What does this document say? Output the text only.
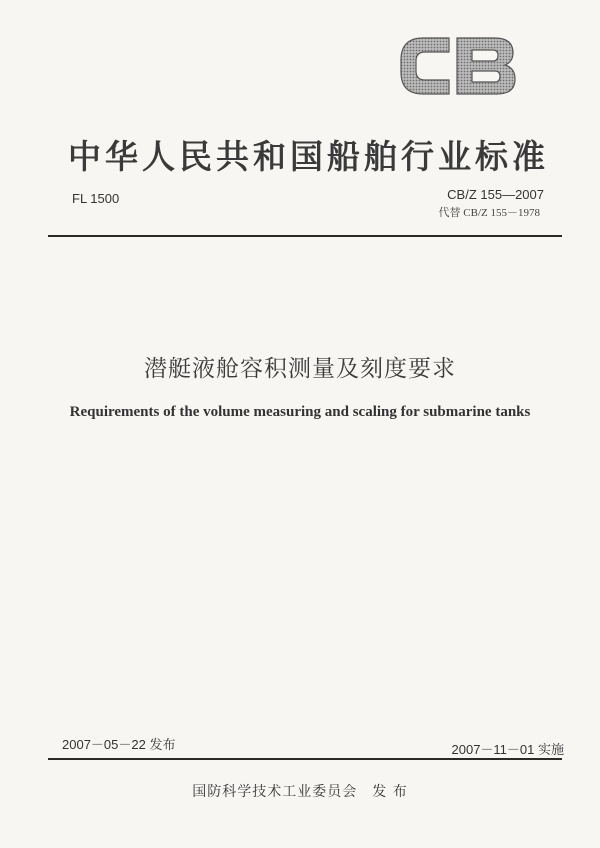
中华人民共和国船舶行业标准
FL 1500	CB/Z 155—2007
代替 CB/Z 155－1978
潜艇液舱容积测量及刻度要求
Requirements of the volume measuring and scaling for submarine tanks
2007－05－22 发布	2007－11－01 实施
国防科学技术工业委员会　发 布
